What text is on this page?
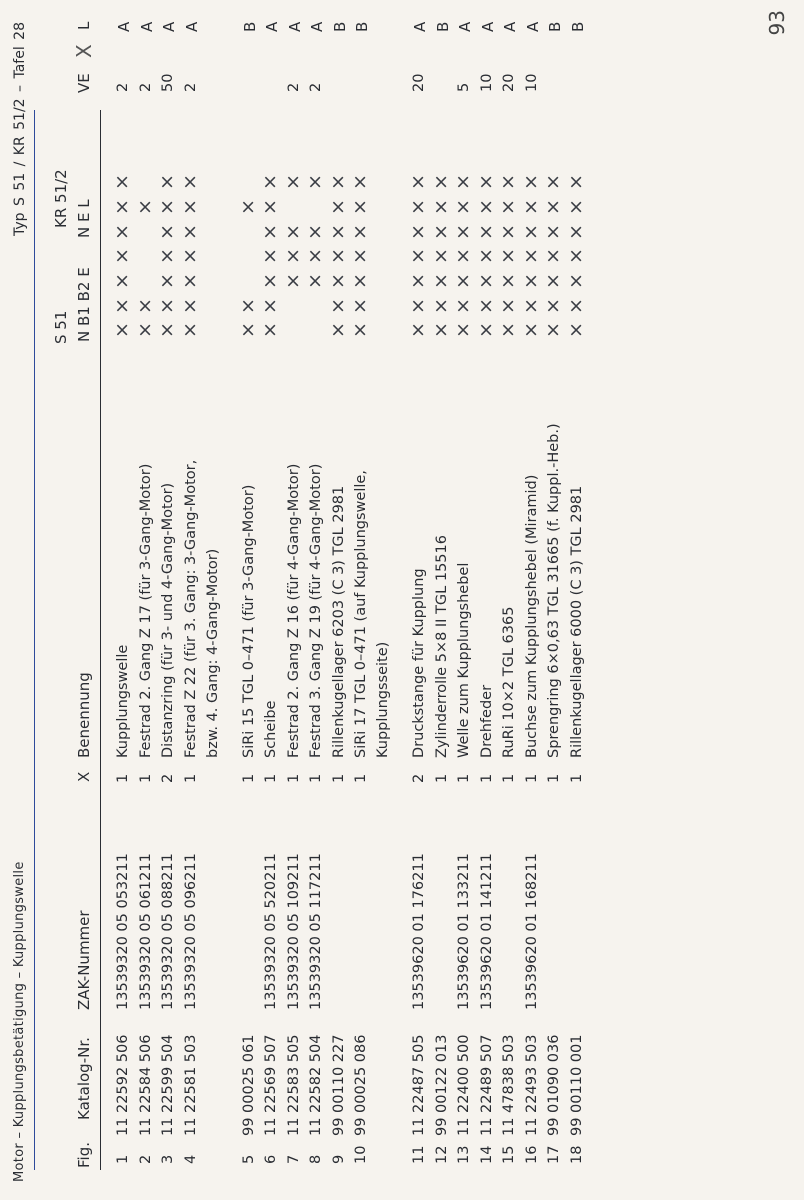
Motor – Kupplungsbetätigung – Kupplungswelle
Typ S 51 / KR 51/2 – Tafel 28
Fig.
Katalog-Nr.
ZAK-Nummer
X
Benennung
S 51 N B1 B2 E
KR 51/2 N E L
VE
X
L
1
11 22592 506
13539320 05 053211
1
Kupplungswelle
2
A
×
×
×
×
×
×
×
2
11 22584 506
13539320 05 061211
1
Festrad 2. Gang Z 17 (für 3-Gang-Motor)
2
A
×
×
×
3
11 22599 504
13539320 05 088211
2
Distanzring (für 3- und 4-Gang-Motor)
50
A
×
×
×
×
×
×
×
4
11 22581 503
13539320 05 096211
1
Festrad Z 22 (für 3. Gang: 3-Gang-Motor, bzw. 4. Gang: 4-Gang-Motor)
2
A
×
×
×
×
×
×
×
5
99 00025 061
1
SiRi 15 TGL 0–471 (für 3-Gang-Motor)
B
×
×
×
6
11 22569 507
13539320 05 520211
1
Scheibe
A
×
×
×
×
×
×
×
7
11 22583 505
13539320 05 109211
1
Festrad 2. Gang Z 16 (für 4-Gang-Motor)
2
A
×
×
×
×
8
11 22582 504
13539320 05 117211
1
Festrad 3. Gang Z 19 (für 4-Gang-Motor)
2
A
×
×
×
×
9
99 00110 227
1
Rillenkugellager 6203 (C 3) TGL 2981
B
×
×
×
×
×
×
×
10
99 00025 086
1
SiRi 17 TGL 0–471 (auf Kupplungswelle, Kupplungsseite)
B
×
×
×
×
×
×
×
11
11 22487 505
13539620 01 176211
2
Druckstange für Kupplung
20
A
×
×
×
×
×
×
×
12
99 00122 013
1
Zylinderrolle 5×8 II TGL 15516
B
×
×
×
×
×
×
×
13
11 22400 500
13539620 01 133211
1
Welle zum Kupplungshebel
5
A
×
×
×
×
×
×
×
14
11 22489 507
13539620 01 141211
1
Drehfeder
10
A
×
×
×
×
×
×
×
15
11 47838 503
1
RuRi 10×2 TGL 6365
20
A
×
×
×
×
×
×
×
16
11 22493 503
13539620 01 168211
1
Buchse zum Kupplungshebel (Miramid)
10
A
×
×
×
×
×
×
×
17
99 01090 036
1
Sprengring 6×0,63 TGL 31665 (f. Kuppl.-Heb.)
B
×
×
×
×
×
×
×
18
99 00110 001
1
Rillenkugellager 6000 (C 3) TGL 2981
B
×
×
×
×
×
×
×
93
